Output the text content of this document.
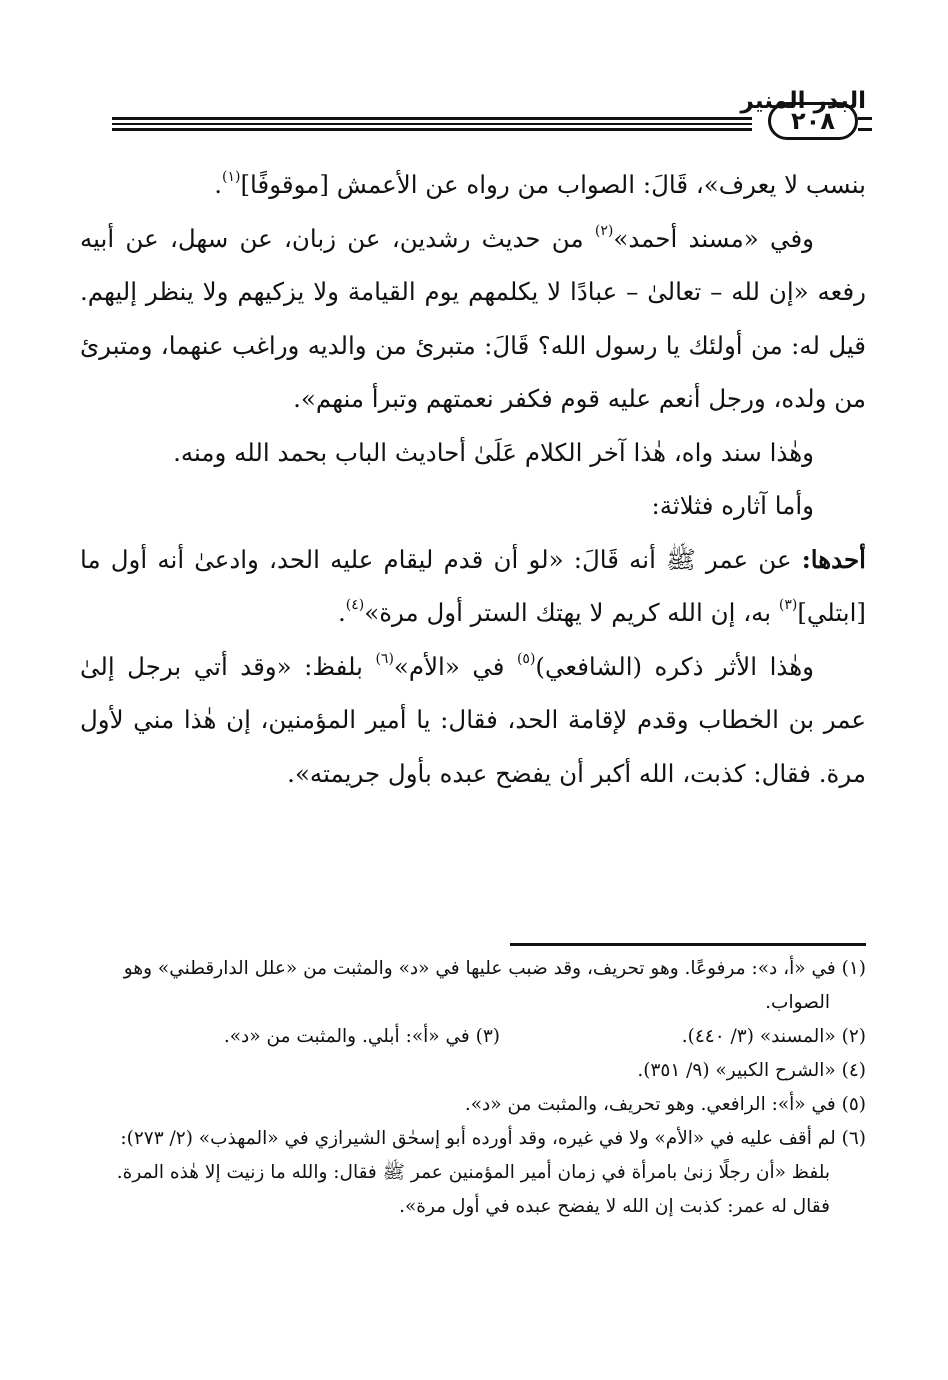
البدر المنير
٢٠٨

بنسب لا يعرف»، قَالَ: الصواب من رواه عن الأعمش [موقوفًا]$^{(١)}$.

وفي «مسند أحمد»$^{(٢)}$ من حديث رشدين، عن زبان، عن سهل، عن أبيه رفعه «إن لله – تعالىٰ – عبادًا لا يكلمهم يوم القيامة ولا يزكيهم ولا ينظر إليهم. قيل له: من أولئك يا رسول الله؟ قَالَ: متبرئ من والديه وراغب عنهما، ومتبرئ من ولده، ورجل أنعم عليه قوم فكفر نعمتهم وتبرأ منهم».

وهٰذا سند واه، هٰذا آخر الكلام عَلَىٰ أحاديث الباب بحمد الله ومنه.

وأما آثاره فثلاثة:

أحدها: عن عمر ﷺ أنه قَالَ: «لو أن قدم ليقام عليه الحد، وادعىٰ أنه أول ما [ابتلي]$^{(٣)}$ به، إن الله كريم لا يهتك الستر أول مرة»$^{(٤)}$.

وهٰذا الأثر ذكره (الشافعي)$^{(٥)}$ في «الأم»$^{(٦)}$ بلفظ: «وقد أتي برجل إلىٰ عمر بن الخطاب وقدم لإقامة الحد، فقال: يا أمير المؤمنين، إن هٰذا مني لأول مرة. فقال: كذبت، الله أكبر أن يفضح عبده بأول جريمته».

(١) في «أ، د»: مرفوعًا. وهو تحريف، وقد ضبب عليها في «د» والمثبت من «علل الدارقطني» وهو الصواب.

(٢) «المسند» (٣/ ٤٤٠).

(٣) في «أ»: أبلي. والمثبت من «د».

(٤) «الشرح الكبير» (٩/ ٣٥١).

(٥) في «أ»: الرافعي. وهو تحريف، والمثبت من «د».

(٦) لم أقف عليه في «الأم» ولا في غيره، وقد أورده أبو إسحٰق الشيرازي في «المهذب» (٢/ ٢٧٣): بلفظ «أن رجلًا زنىٰ بامرأة في زمان أمير المؤمنين عمر ﷺ فقال: والله ما زنيت إلا هٰذه المرة. فقال له عمر: كذبت إن الله لا يفضح عبده في أول مرة».
